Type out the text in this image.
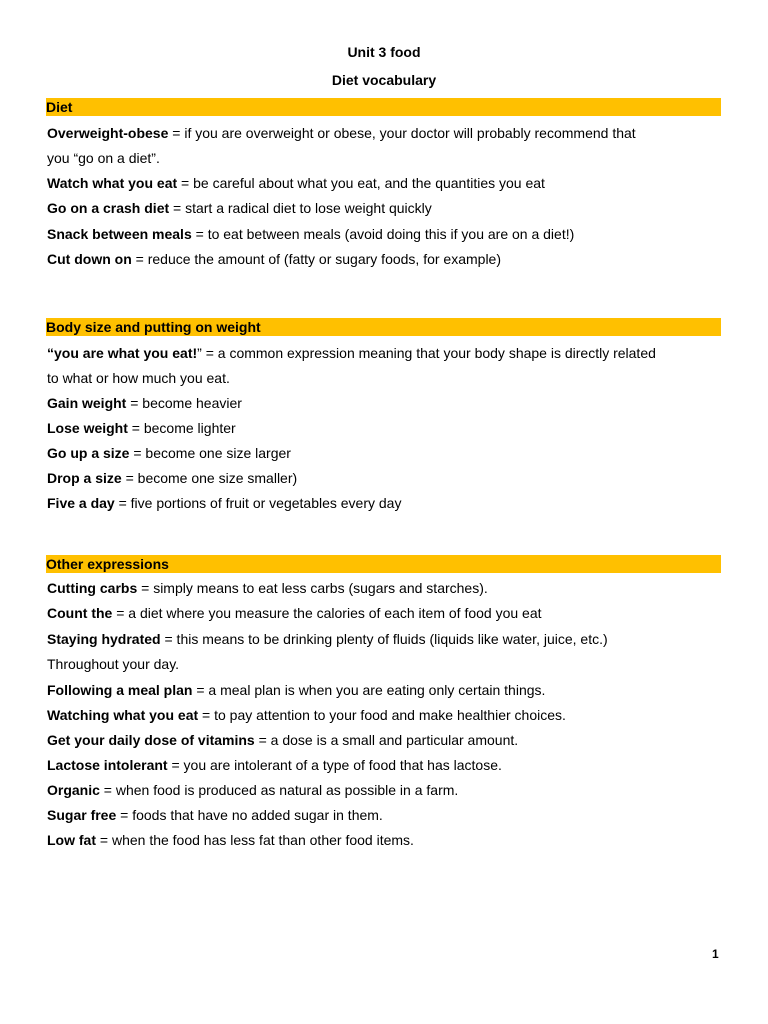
Unit 3 food
Diet vocabulary
Diet
Overweight-obese = if you are overweight or obese, your doctor will probably recommend that
you “go on a diet”.
Watch what you eat = be careful about what you eat, and the quantities you eat
Go on a crash diet = start a radical diet to lose weight quickly
Snack between meals = to eat between meals (avoid doing this if you are on a diet!)
Cut down on = reduce the amount of (fatty or sugary foods, for example)
Body size and putting on weight
“you are what you eat!” = a common expression meaning that your body shape is directly related
to what or how much you eat.
Gain weight = become heavier
Lose weight = become lighter
Go up a size = become one size larger
Drop a size = become one size smaller)
Five a day = five portions of fruit or vegetables every day
Other expressions
Cutting carbs = simply means to eat less carbs (sugars and starches).
Count the = a diet where you measure the calories of each item of food you eat
Staying hydrated = this means to be drinking plenty of fluids (liquids like water, juice, etc.)
Throughout your day.
Following a meal plan = a meal plan is when you are eating only certain things.
Watching what you eat = to pay attention to your food and make healthier choices.
Get your daily dose of vitamins = a dose is a small and particular amount.
Lactose intolerant = you are intolerant of a type of food that has lactose.
Organic = when food is produced as natural as possible in a farm.
Sugar free = foods that have no added sugar in them.
Low fat = when the food has less fat than other food items.
1
